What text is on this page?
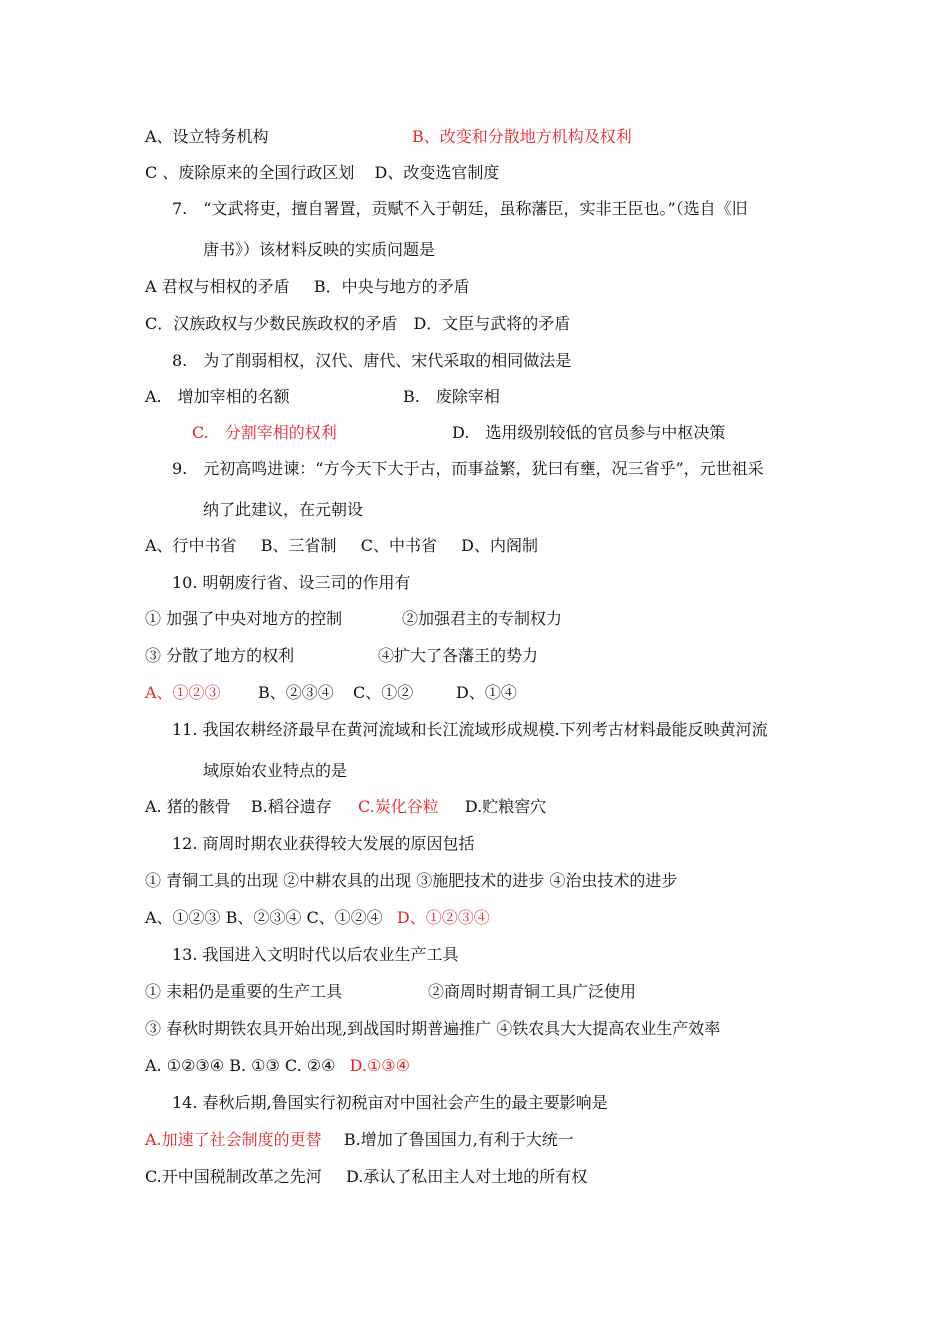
A、设立特务机构	B、改变和分散地方机构及权利
C 、废除原来的全国行政区划 D、改变选官制度
7.　“文武将吏，擅自署置，贡赋不入于朝廷，虽称藩臣，实非王臣也。”（选自《旧
唐书》）该材料反映的实质问题是
A 君权与相权的矛盾 B．中央与地方的矛盾
C．汉族政权与少数民族政权的矛盾 D．文臣与武将的矛盾
8.　为了削弱相权，汉代、唐代、宋代采取的相同做法是
A.　增加宰相的名额	B.　废除宰相
C.　分割宰相的权利	D.　选用级别较低的官员参与中枢决策
9.　元初高鸣进谏：“方今天下大于古，而事益繁，犹曰有壅，况三省乎”，元世祖采
纳了此建议，在元朝设
A、行中书省 B、三省制 C、中书省 D、内阁制
10. 明朝废行省、设三司的作用有
① 加强了中央对地方的控制	②加强君主的专制权力
③ 分散了地方的权利	④扩大了各藩王的势力
A、①②③ B、②③④ C、①②	D、①④
11. 我国农耕经济最早在黄河流域和长江流域形成规模.下列考古材料最能反映黄河流
域原始农业特点的是
A. 猪的骸骨 B.稻谷遗存 C.炭化谷粒 D.贮粮窖穴
12. 商周时期农业获得较大发展的原因包括
① 青铜工具的出现 ②中耕农具的出现 ③施肥技术的进步 ④治虫技术的进步
A、①②③ B、②③④ C、①②④ D、①②③④
13. 我国进入文明时代以后农业生产工具
① 耒耜仍是重要的生产工具	②商周时期青铜工具广泛使用
③ 春秋时期铁农具开始出现,到战国时期普遍推广 ④铁农具大大提高农业生产效率
A. ①②③④ B. ①③ C. ②④ D.①③④
14. 春秋后期,鲁国实行初税亩对中国社会产生的最主要影响是
A.加速了社会制度的更替 B.增加了鲁国国力,有利于大统一
C.开中国税制改革之先河 D.承认了私田主人对土地的所有权
